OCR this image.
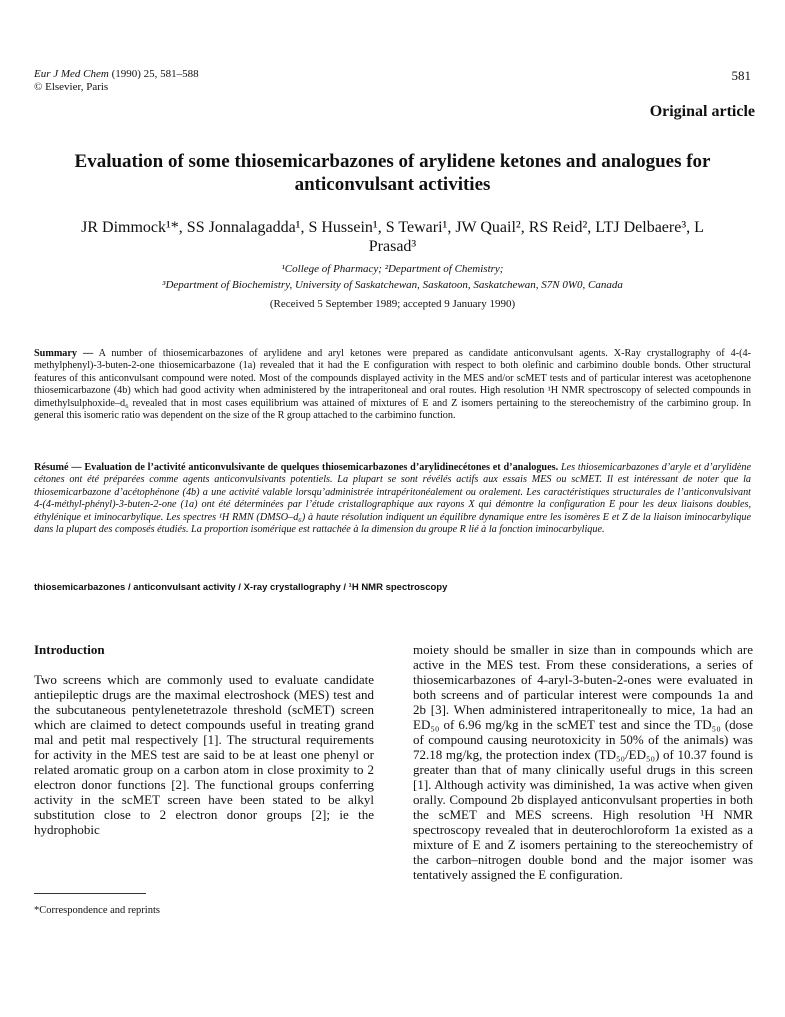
Eur J Med Chem (1990) 25, 581–588
© Elsevier, Paris
581
Original article
Evaluation of some thiosemicarbazones of arylidene ketones and analogues for anticonvulsant activities
JR Dimmock¹*, SS Jonnalagadda¹, S Hussein¹, S Tewari¹, JW Quail², RS Reid², LTJ Delbaere³, L Prasad³
¹College of Pharmacy; ²Department of Chemistry;
³Department of Biochemistry, University of Saskatchewan, Saskatoon, Saskatchewan, S7N 0W0, Canada
(Received 5 September 1989; accepted 9 January 1990)
Summary — A number of thiosemicarbazones of arylidene and aryl ketones were prepared as candidate anticonvulsant agents. X-Ray crystallography of 4-(4-methylphenyl)-3-buten-2-one thiosemicarbazone (1a) revealed that it had the E configuration with respect to both olefinic and carbimino double bonds. Other structural features of this anticonvulsant compound were noted. Most of the compounds displayed activity in the MES and/or scMET tests and of particular interest was acetophenone thiosemicarbazone (4b) which had good activity when administered by the intraperitoneal and oral routes. High resolution ¹H NMR spectroscopy of selected compounds in dimethylsulphoxide–d₆ revealed that in most cases equilibrium was attained of mixtures of E and Z isomers pertaining to the stereochemistry of the carbimino group. In general this isomeric ratio was dependent on the size of the R group attached to the carbimino function.
Résumé — Evaluation de l’activité anticonvulsivante de quelques thiosemicarbazones d’arylidinecétones et d’analogues. Les thiosemicarbazones d’aryle et d’arylidène cétones ont été préparées comme agents anticonvulsivants potentiels. La plupart se sont révélés actifs aux essais MES ou scMET. Il est intéressant de noter que la thiosemicarbazone d’acétophénone (4b) a une activité valable lorsqu’administrée intrapéritonéalement ou oralement. Les caractéristiques structurales de l’anticonvulsivant 4-(4-méthyl-phényl)-3-buten-2-one (1a) ont été déterminées par l’étude cristallographique aux rayons X qui démontre la configuration E pour les deux liaisons doubles, éthylénique et iminocarbylique. Les spectres ¹H RMN (DMSO–d₆) à haute résolution indiquent un équilibre dynamique entre les isomères E et Z de la liaison iminocarbylique dans la plupart des composés étudiés. La proportion isomérique est rattachée à la dimension du groupe R lié à la fonction iminocarbylique.
thiosemicarbazones / anticonvulsant activity / X-ray crystallography / ¹H NMR spectroscopy
Introduction

Two screens which are commonly used to evaluate candidate antiepileptic drugs are the maximal electroshock (MES) test and the subcutaneous pentylenetetrazole threshold (scMET) screen which are claimed to detect compounds useful in treating grand mal and petit mal respectively [1]. The structural requirements for activity in the MES test are said to be at least one phenyl or related aromatic group on a carbon atom in close proximity to 2 electron donor functions [2]. The functional groups conferring activity in the scMET screen have been stated to be alkyl substitution close to 2 electron donor groups [2]; ie the hydrophobic

moiety should be smaller in size than in compounds which are active in the MES test. From these considerations, a series of thiosemicarbazones of 4-aryl-3-buten-2-ones were evaluated in both screens and of particular interest were compounds 1a and 2b [3]. When administered intraperitoneally to mice, 1a had an ED₅₀ of 6.96 mg/kg in the scMET test and since the TD₅₀ (dose of compound causing neurotoxicity in 50% of the animals) was 72.18 mg/kg, the protection index (TD₅₀/ED₅₀) of 10.37 found is greater than that of many clinically useful drugs in this screen [1]. Although activity was diminished, 1a was active when given orally. Compound 2b displayed anticonvulsant properties in both the scMET and MES screens. High resolution ¹H NMR spectroscopy revealed that in deuterochloroform 1a existed as a mixture of E and Z isomers pertaining to the stereochemistry of the carbon–nitrogen double bond and the major isomer was tentatively assigned the E configuration.

*Correspondence and reprints
